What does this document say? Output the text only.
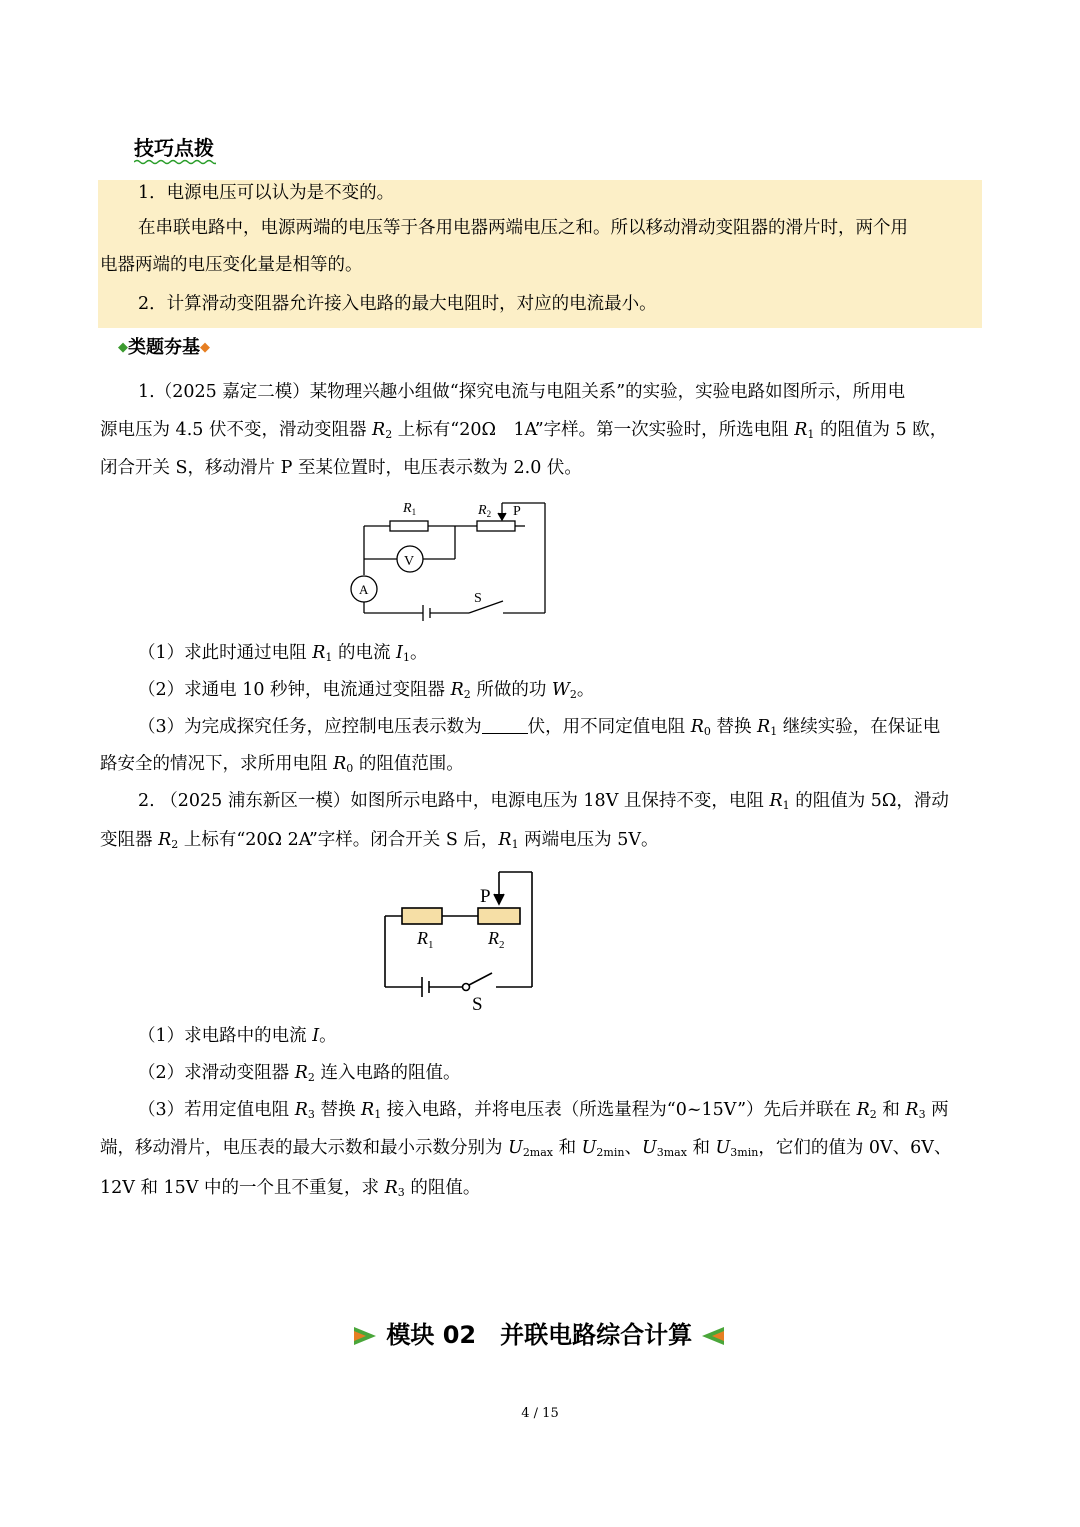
技巧点拨
1．电源电压可以认为是不变的。
在串联电路中，电源两端的电压等于各用电器两端电压之和。所以移动滑动变阻器的滑片时，两个用
电器两端的电压变化量是相等的。
2．计算滑动变阻器允许接入电路的最大电阻时，对应的电流最小。
◆类题夯基◆
1.（2025 嘉定二模）某物理兴趣小组做“探究电流与电阻关系”的实验，实验电路如图所示，所用电
源电压为 4.5 伏不变，滑动变阻器 $R_2$ 上标有“20Ω　1A”字样。第一次实验时，所选电阻 $R_1$ 的阻值为 5 欧，
闭合开关 S，移动滑片 P 至某位置时，电压表示数为 2.0 伏。
$R_1$	$R_2$ P
V
A
S
（1）求此时通过电阻 $R_1$ 的电流 $I_1$。
（2）求通电 10 秒钟，电流通过变阻器 $R_2$ 所做的功 $W_2$。
（3）为完成探究任务，应控制电压表示数为	伏，用不同定值电阻 $R_0$ 替换 $R_1$ 继续实验，在保证电
路安全的情况下，求所用电阻 $R_0$ 的阻值范围。
2. （2025 浦东新区一模）如图所示电路中，电源电压为 18V 且保持不变，电阻 $R_1$ 的阻值为 5Ω，滑动
变阻器 $R_2$ 上标有“20Ω 2A”字样。闭合开关 S 后，$R_1$ 两端电压为 5V。
P
$R_1$	$R_2$
S
（1）求电路中的电流 I。
（2）求滑动变阻器 $R_2$ 连入电路的阻值。
（3）若用定值电阻 $R_3$ 替换 $R_1$ 接入电路，并将电压表（所选量程为“0~15V”）先后并联在 $R_2$ 和 $R_3$ 两
端，移动滑片，电压表的最大示数和最小示数分别为 $U_{2max}$ 和 $U_{2min}$、$U_{3max}$ 和 $U_{3min}$，它们的值为 0V、6V、
12V 和 15V 中的一个且不重复，求 $R_3$ 的阻值。
模块 02　并联电路综合计算
4 / 15
